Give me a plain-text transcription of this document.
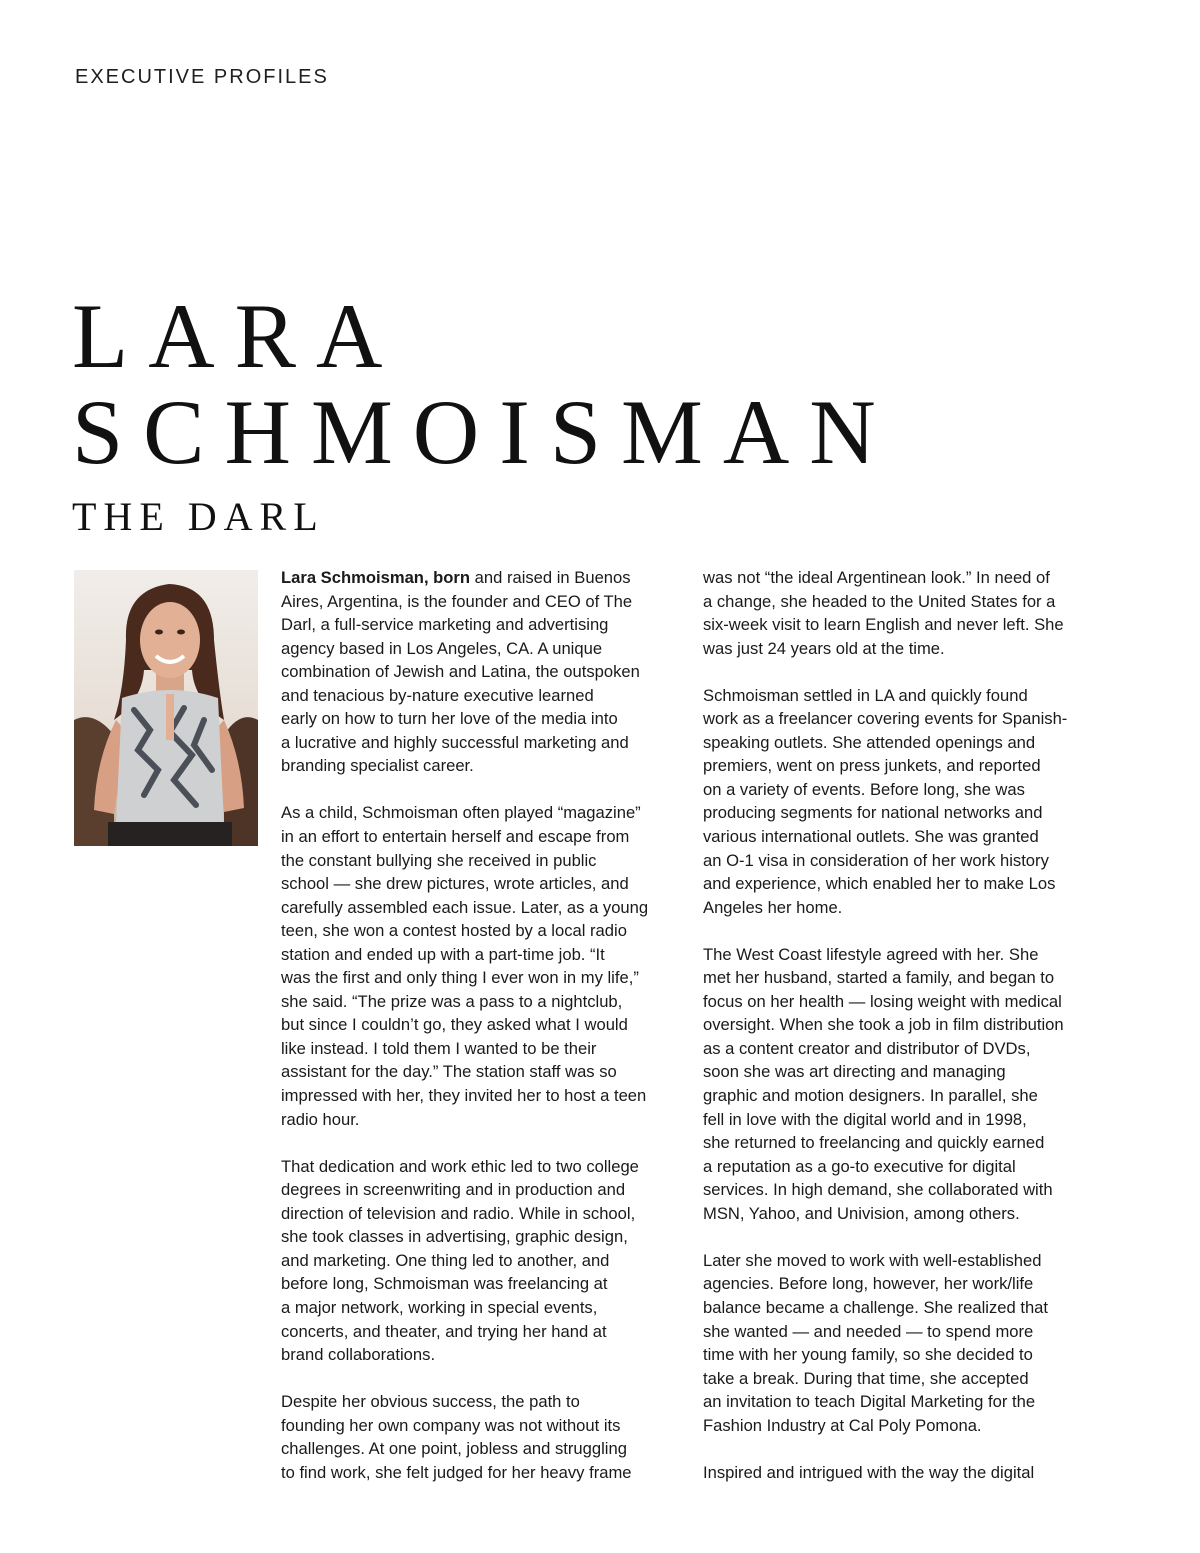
EXECUTIVE PROFILES
LARA
SCHMOISMAN
THE DARL

Lara Schmoisman, born and raised in Buenos
Aires, Argentina, is the founder and CEO of The
Darl, a full-service marketing and advertising
agency based in Los Angeles, CA. A unique
combination of Jewish and Latina, the outspoken
and tenacious by-nature executive learned
early on how to turn her love of the media into
a lucrative and highly successful marketing and
branding specialist career.

As a child, Schmoisman often played “magazine”
in an effort to entertain herself and escape from
the constant bullying she received in public
school — she drew pictures, wrote articles, and
carefully assembled each issue. Later, as a young
teen, she won a contest hosted by a local radio
station and ended up with a part-time job. “It
was the first and only thing I ever won in my life,”
she said. “The prize was a pass to a nightclub,
but since I couldn’t go, they asked what I would
like instead. I told them I wanted to be their
assistant for the day.” The station staff was so
impressed with her, they invited her to host a teen
radio hour.

That dedication and work ethic led to two college
degrees in screenwriting and in production and
direction of television and radio. While in school,
she took classes in advertising, graphic design,
and marketing. One thing led to another, and
before long, Schmoisman was freelancing at
a major network, working in special events,
concerts, and theater, and trying her hand at
brand collaborations.

Despite her obvious success, the path to
founding her own company was not without its
challenges. At one point, jobless and struggling
to find work, she felt judged for her heavy frame

was not “the ideal Argentinean look.” In need of
a change, she headed to the United States for a
six-week visit to learn English and never left. She
was just 24 years old at the time.

Schmoisman settled in LA and quickly found
work as a freelancer covering events for Spanish-
speaking outlets. She attended openings and
premiers, went on press junkets, and reported
on a variety of events. Before long, she was
producing segments for national networks and
various international outlets. She was granted
an O-1 visa in consideration of her work history
and experience, which enabled her to make Los
Angeles her home.

The West Coast lifestyle agreed with her. She
met her husband, started a family, and began to
focus on her health — losing weight with medical
oversight. When she took a job in film distribution
as a content creator and distributor of DVDs,
soon she was art directing and managing
graphic and motion designers. In parallel, she
fell in love with the digital world and in 1998,
she returned to freelancing and quickly earned
a reputation as a go-to executive for digital
services. In high demand, she collaborated with
MSN, Yahoo, and Univision, among others.

Later she moved to work with well-established
agencies. Before long, however, her work/life
balance became a challenge. She realized that
she wanted — and needed — to spend more
time with her young family, so she decided to
take a break. During that time, she accepted
an invitation to teach Digital Marketing for the
Fashion Industry at Cal Poly Pomona.

Inspired and intrigued with the way the digital
